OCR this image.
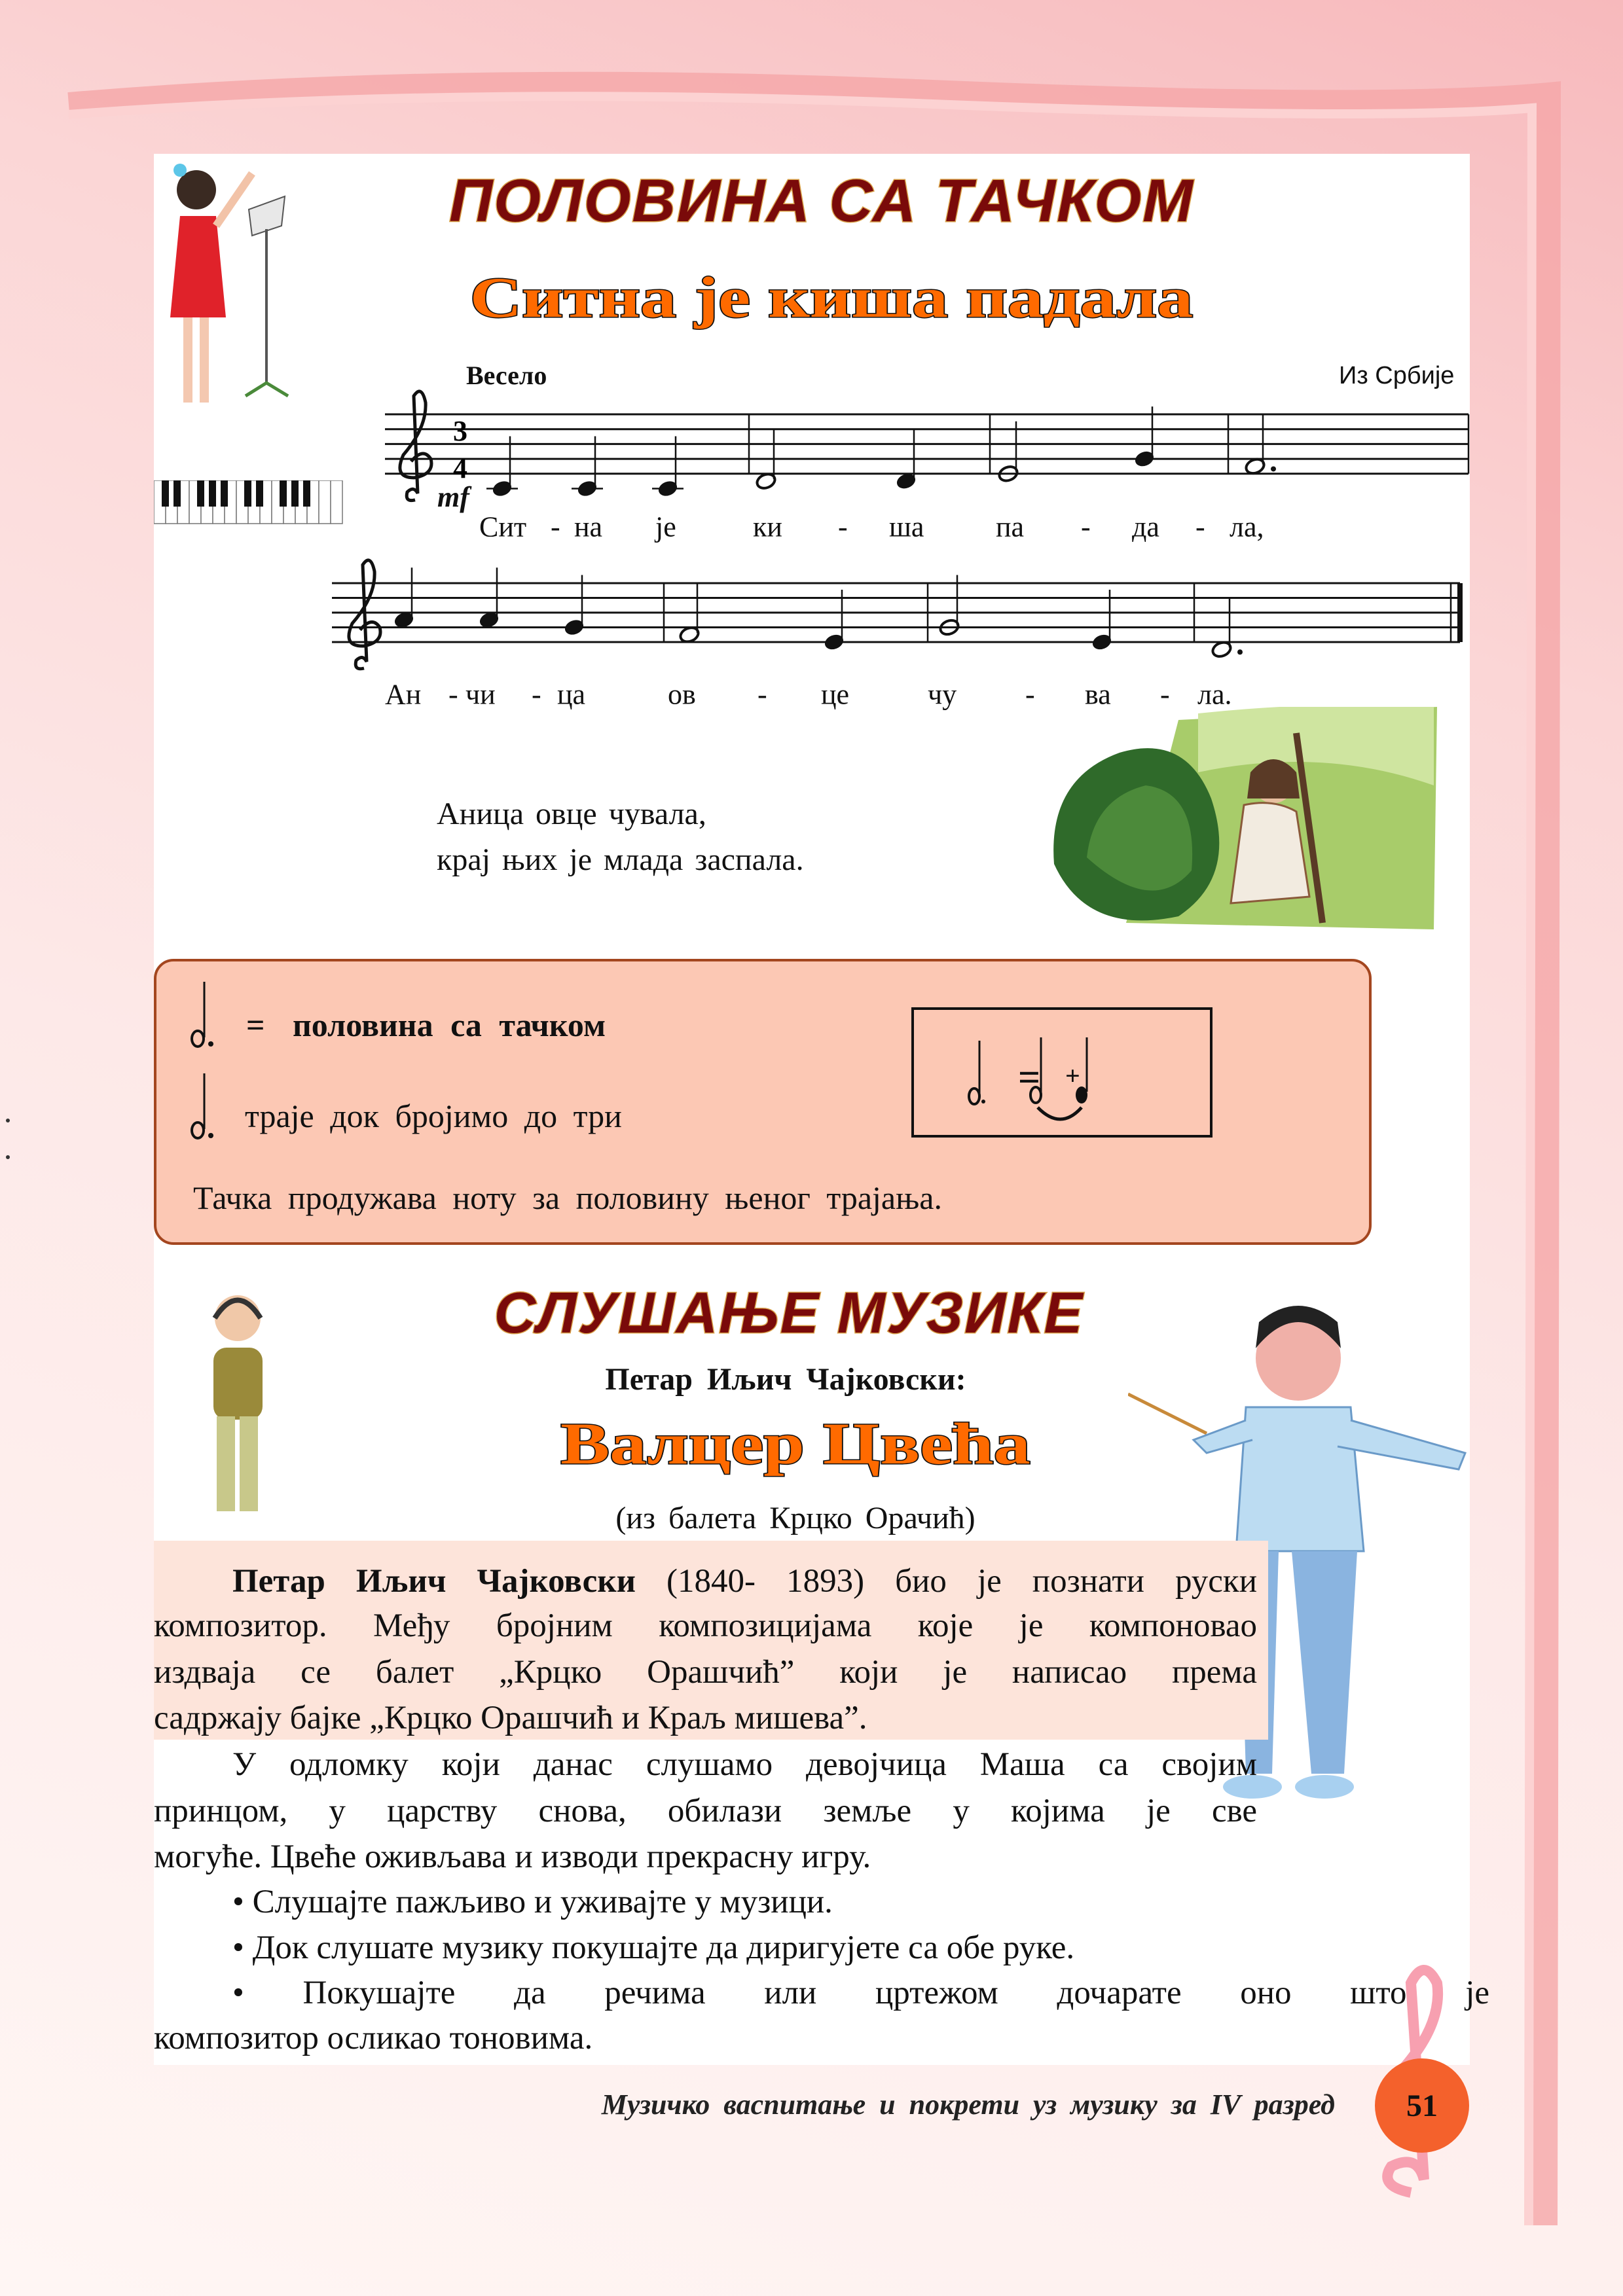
ПОЛОВИНА СА ТАЧКОМ
Ситна је киша падала
Весело	Из Србије
3
4
mf
Сит - на је	ки - ша па - да - ла,
Ан - чи - ца	ов - це	чу - ва - ла.
Аница овце чувала,
крај њих је млада заспала.
= половина са тачком
траје док бројимо до три
Тачка продужава ноту за половину њеног трајања.
= +
СЛУШАЊЕ МУЗИКЕ
Петар Иљич Чајковски:
Валцер Цвећа
(из балета Крцко Орачић)
Петар Иљич Чајковски (1840- 1893) био је познати руски
композитор. Међу бројним композицијама које је компоновао
издваја се балет „Крцко Орашчић” који је написао према
садржају бајке „Крцко Орашчић и Краљ мишева”.
У одломку који данас слушамо девојчица Маша са својим
принцом, у царству снова, обилази земље у којима је све
могуће. Цвеће оживљава и изводи прекрасну игру.
• Слушајте пажљиво и уживајте у музици.
• Док слушате музику покушајте да диригујете са обе руке.
• Покушајте да речима или цртежом дочарате оно што је
композитор осликао тоновима.
Музичко васпитање и покрети уз музику за IV разред 51
